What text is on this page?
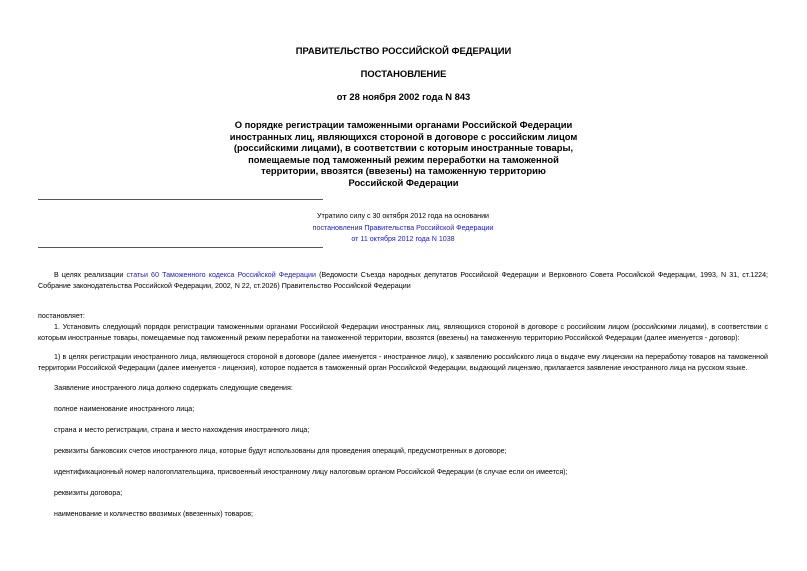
ПРАВИТЕЛЬСТВО РОССИЙСКОЙ ФЕДЕРАЦИИ
ПОСТАНОВЛЕНИЕ
от 28 ноября 2002 года N 843
О порядке регистрации таможенными органами Российской Федерации
иностранных лиц, являющихся стороной в договоре с российским лицом
(российскими лицами), в соответствии с которым иностранные товары,
помещаемые под таможенный режим переработки на таможенной
территории, ввозятся (ввезены) на таможенную территорию
Российской Федерации
Утратило силу с 30 октября 2012 года на основании
постановления Правительства Российской Федерации
от 11 октября 2012 года N 1038

В целях реализации статьи 60 Таможенного кодекса Российской Федерации (Ведомости Съезда народных депутатов Российской Федерации и Верховного Совета Российской Федерации, 1993, N 31, ст.1224; Собрание законодательства Российской Федерации, 2002, N 22, ст.2026) Правительство Российской Федерации

постановляет:

1. Установить следующий порядок регистрации таможенными органами Российской Федерации иностранных лиц, являющихся стороной в договоре с российским лицом (российскими лицами), в соответствии с которым иностранные товары, помещаемые под таможенный режим переработки на таможенной территории, ввозятся (ввезены) на таможенную территорию Российской Федерации (далее именуется - договор):

1) в целях регистрации иностранного лица, являющегося стороной в договоре (далее именуется - иностранное лицо), к заявлению российского лица о выдаче ему лицензии на переработку товаров на таможенной территории Российской Федерации (далее именуется - лицензия), которое подается в таможенный орган Российской Федерации, выдающий лицензию, прилагается заявление иностранного лица на русском языке.

Заявление иностранного лица должно содержать следующие сведения:

полное наименование иностранного лица;

страна и место регистрации, страна и место нахождения иностранного лица;

реквизиты банковских счетов иностранного лица, которые будут использованы для проведения операций, предусмотренных в договоре;

идентификационный номер налогоплательщика, присвоенный иностранному лицу налоговым органом Российской Федерации (в случае если он имеется);

реквизиты договора;

наименование и количество ввозимых (ввезенных) товаров;
